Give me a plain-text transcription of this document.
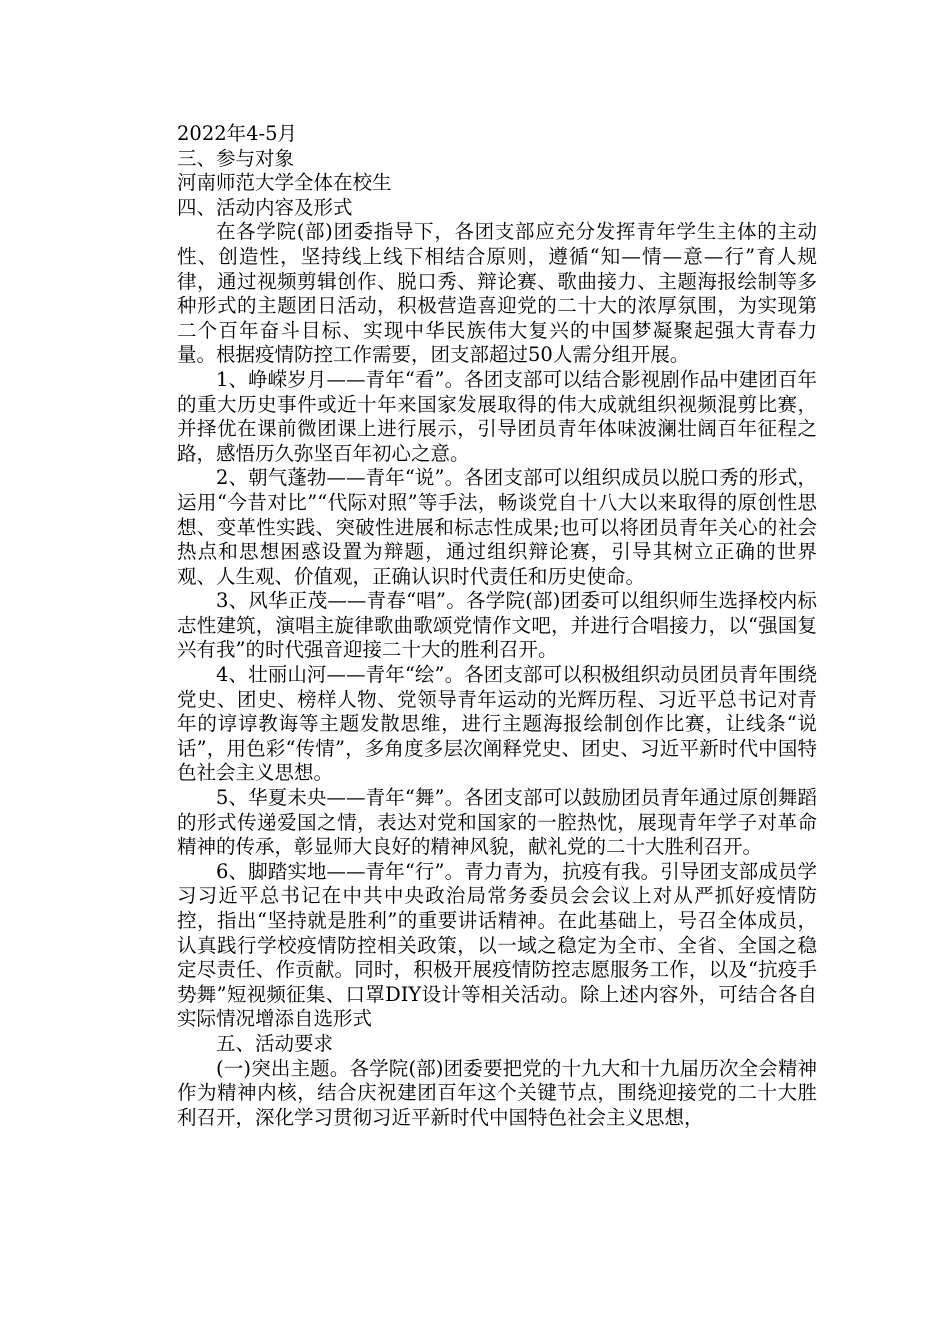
2022年4-5月

三、参与对象

河南师范大学全体在校生

四、活动内容及形式

在各学院(部)团委指导下，各团支部应充分发挥青年学生主体的主动性、创造性，坚持线上线下相结合原则，遵循“知—情—意—行”育人规律，通过视频剪辑创作、脱口秀、辩论赛、歌曲接力、主题海报绘制等多种形式的主题团日活动，积极营造喜迎党的二十大的浓厚氛围，为实现第二个百年奋斗目标、实现中华民族伟大复兴的中国梦凝聚起强大青春力量。根据疫情防控工作需要，团支部超过50人需分组开展。

1、峥嵘岁月——青年“看”。各团支部可以结合影视剧作品中建团百年的重大历史事件或近十年来国家发展取得的伟大成就组织视频混剪比赛，并择优在课前微团课上进行展示，引导团员青年体味波澜壮阔百年征程之路，感悟历久弥坚百年初心之意。

2、朝气蓬勃——青年“说”。各团支部可以组织成员以脱口秀的形式，运用“今昔对比”“代际对照”等手法，畅谈党自十八大以来取得的原创性思想、变革性实践、突破性进展和标志性成果;也可以将团员青年关心的社会热点和思想困惑设置为辩题，通过组织辩论赛，引导其树立正确的世界观、人生观、价值观，正确认识时代责任和历史使命。

3、风华正茂——青春“唱”。各学院(部)团委可以组织师生选择校内标志性建筑，演唱主旋律歌曲歌颂党情作文吧，并进行合唱接力，以“强国复兴有我”的时代强音迎接二十大的胜利召开。

4、壮丽山河——青年“绘”。各团支部可以积极组织动员团员青年围绕党史、团史、榜样人物、党领导青年运动的光辉历程、习近平总书记对青年的谆谆教诲等主题发散思维，进行主题海报绘制创作比赛，让线条“说话”，用色彩“传情”，多角度多层次阐释党史、团史、习近平新时代中国特色社会主义思想。

5、华夏未央——青年“舞”。各团支部可以鼓励团员青年通过原创舞蹈的形式传递爱国之情，表达对党和国家的一腔热忱，展现青年学子对革命精神的传承，彰显师大良好的精神风貌，献礼党的二十大胜利召开。

6、脚踏实地——青年“行”。青力青为，抗疫有我。引导团支部成员学习习近平总书记在中共中央政治局常务委员会会议上对从严抓好疫情防控，指出“坚持就是胜利”的重要讲话精神。在此基础上，号召全体成员，认真践行学校疫情防控相关政策，以一域之稳定为全市、全省、全国之稳定尽责任、作贡献。同时，积极开展疫情防控志愿服务工作，以及“抗疫手势舞”短视频征集、口罩DIY设计等相关活动。除上述内容外，可结合各自实际情况增添自选形式

五、活动要求

(一)突出主题。各学院(部)团委要把党的十九大和十九届历次全会精神作为精神内核，结合庆祝建团百年这个关键节点，围绕迎接党的二十大胜利召开，深化学习贯彻习近平新时代中国特色社会主义思想，
